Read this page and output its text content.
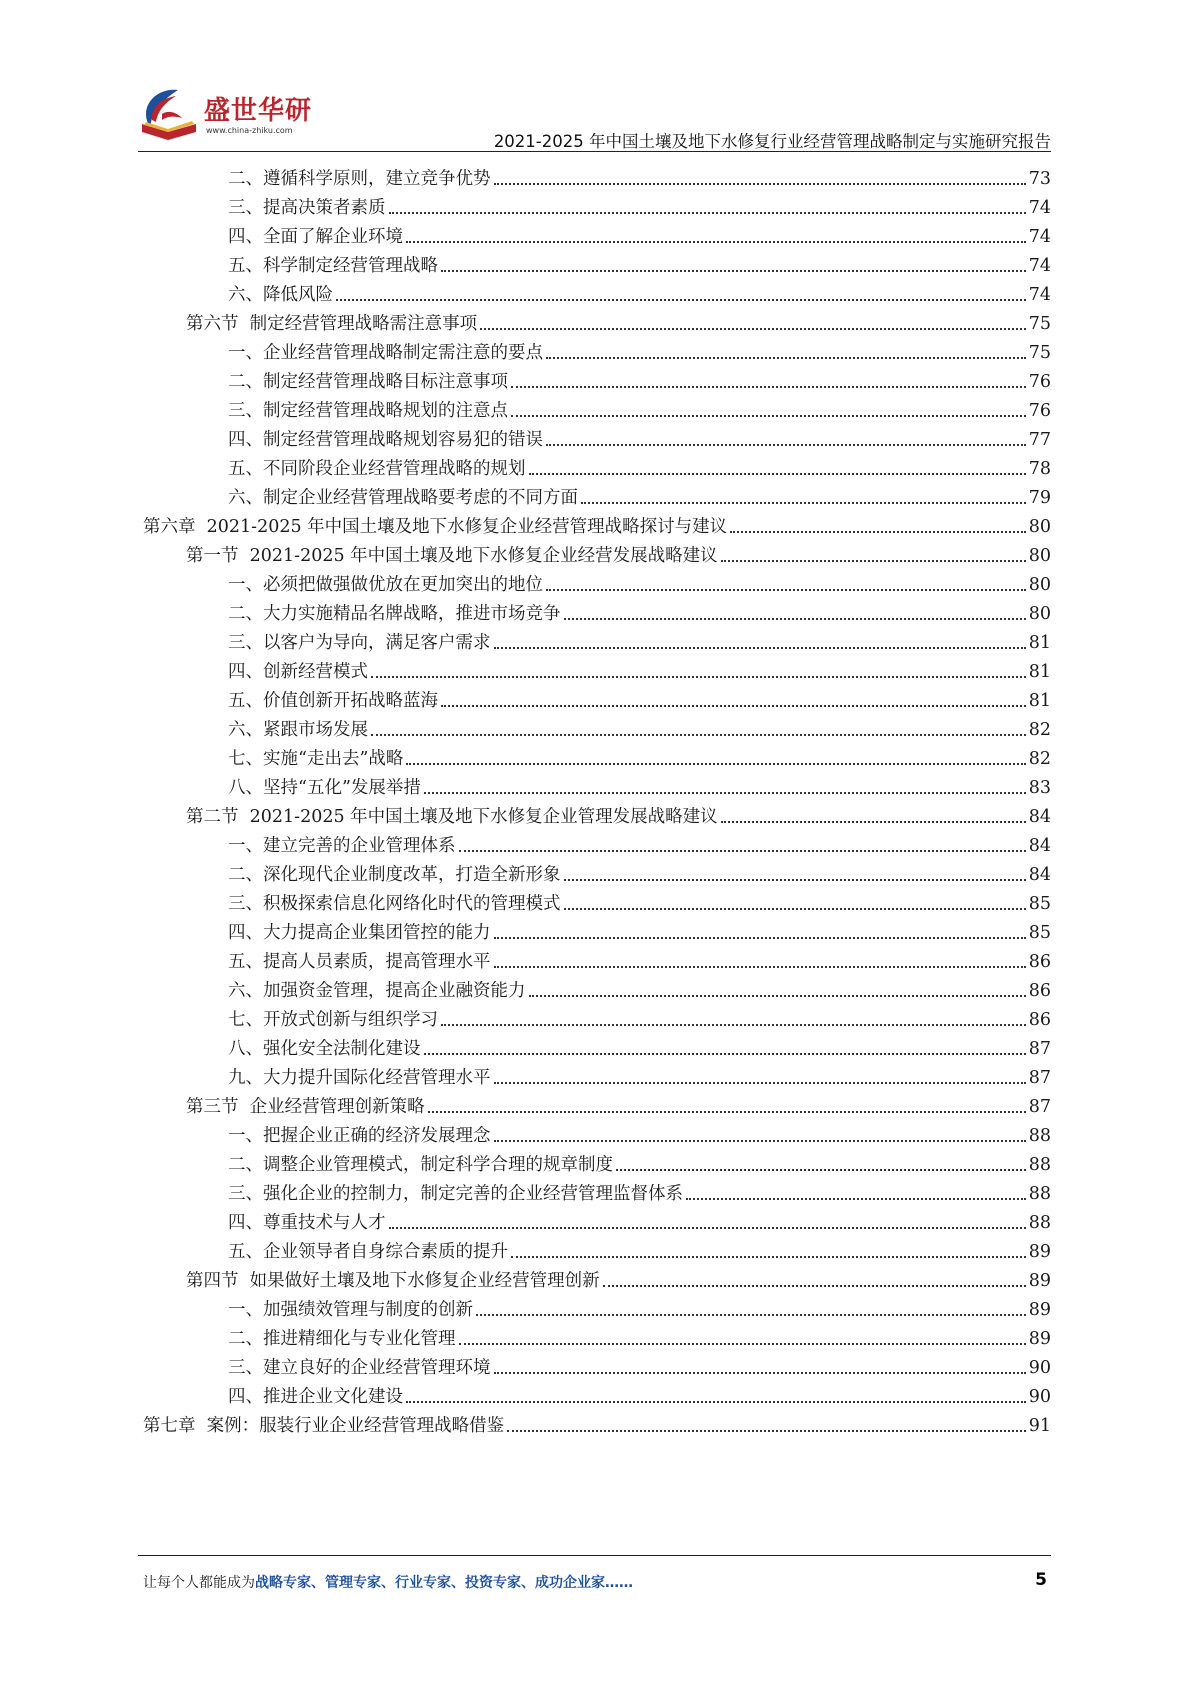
盛世华研
www.china-zhiku.com
2021-2025 年中国土壤及地下水修复行业经营管理战略制定与实施研究报告
二、遵循科学原则，建立竞争优势	73
三、提高决策者素质	74
四、全面了解企业环境	74
五、科学制定经营管理战略	74
六、降低风险	74
第六节  制定经营管理战略需注意事项	75
一、企业经营管理战略制定需注意的要点	75
二、制定经营管理战略目标注意事项	76
三、制定经营管理战略规划的注意点	76
四、制定经营管理战略规划容易犯的错误	77
五、不同阶段企业经营管理战略的规划	78
六、制定企业经营管理战略要考虑的不同方面	79
第六章  2021-2025 年中国土壤及地下水修复企业经营管理战略探讨与建议	80
第一节  2021-2025 年中国土壤及地下水修复企业经营发展战略建议	80
一、必须把做强做优放在更加突出的地位	80
二、大力实施精品名牌战略，推进市场竞争	80
三、以客户为导向，满足客户需求	81
四、创新经营模式	81
五、价值创新开拓战略蓝海	81
六、紧跟市场发展	82
七、实施“走出去”战略	82
八、坚持“五化”发展举措	83
第二节  2021-2025 年中国土壤及地下水修复企业管理发展战略建议	84
一、建立完善的企业管理体系	84
二、深化现代企业制度改革，打造全新形象	84
三、积极探索信息化网络化时代的管理模式	85
四、大力提高企业集团管控的能力	85
五、提高人员素质，提高管理水平	86
六、加强资金管理，提高企业融资能力	86
七、开放式创新与组织学习	86
八、强化安全法制化建设	87
九、大力提升国际化经营管理水平	87
第三节  企业经营管理创新策略	87
一、把握企业正确的经济发展理念	88
二、调整企业管理模式，制定科学合理的规章制度	88
三、强化企业的控制力，制定完善的企业经营管理监督体系	88
四、尊重技术与人才	88
五、企业领导者自身综合素质的提升	89
第四节  如果做好土壤及地下水修复企业经营管理创新	89
一、加强绩效管理与制度的创新	89
二、推进精细化与专业化管理	89
三、建立良好的企业经营管理环境	90
四、推进企业文化建设	90
第七章  案例：服装行业企业经营管理战略借鉴	91
让每个人都能成为战略专家、管理专家、行业专家、投资专家、成功企业家……	5
